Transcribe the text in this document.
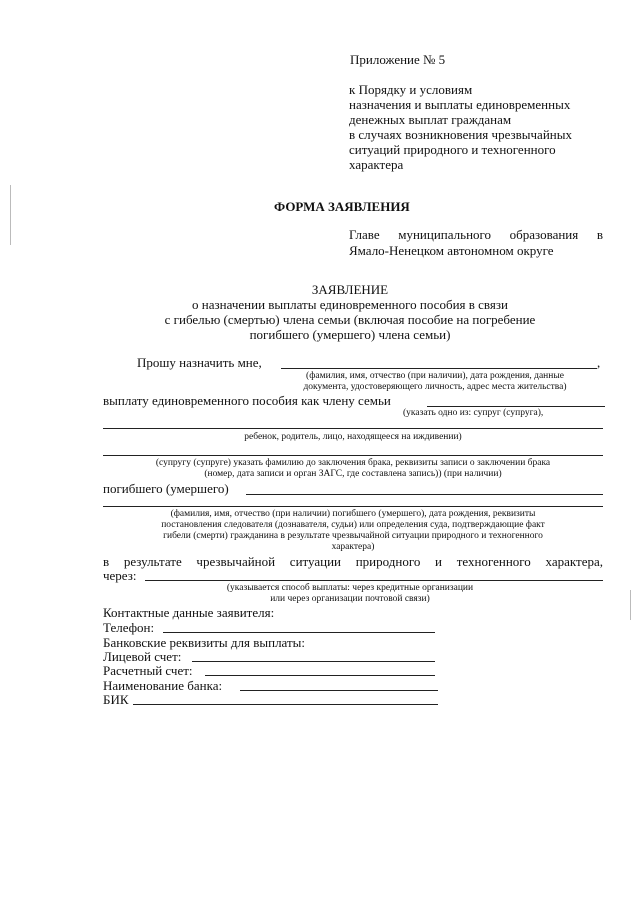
Приложение № 5
к Порядку и условиям
назначения и выплаты единовременных
денежных выплат гражданам
в случаях возникновения чрезвычайных
ситуаций природного и техногенного
характера
ФОРМА ЗАЯВЛЕНИЯ
Главе муниципального образования в
Ямало-Ненецком автономном округе
ЗАЯВЛЕНИЕ
о назначении выплаты единовременного пособия в связи
с гибелью (смертью) члена семьи (включая пособие на погребение
погибшего (умершего) члена семьи)
Прошу назначить мне,	,
(фамилия, имя, отчество (при наличии), дата рождения, данные
документа, удостоверяющего личность, адрес места жительства)
выплату единовременного пособия как члену семьи
(указать одно из: супруг (супруга),
ребенок, родитель, лицо, находящееся на иждивении)
(супругу (супруге) указать фамилию до заключения брака, реквизиты записи о заключении брака
(номер, дата записи и орган ЗАГС, где составлена запись)) (при наличии)
погибшего (умершего)
(фамилия, имя, отчество (при наличии) погибшего (умершего), дата рождения, реквизиты
постановления следователя (дознавателя, судьи) или определения суда, подтверждающие факт
гибели (смерти) гражданина в результате чрезвычайной ситуации природного и техногенного
характера)
в результате чрезвычайной ситуации природного и техногенного характера,
через:
(указывается способ выплаты: через кредитные организации
или через организации почтовой связи)
Контактные данные заявителя:
Телефон:
Банковские реквизиты для выплаты:
Лицевой счет:
Расчетный счет:
Наименование банка:
БИК
